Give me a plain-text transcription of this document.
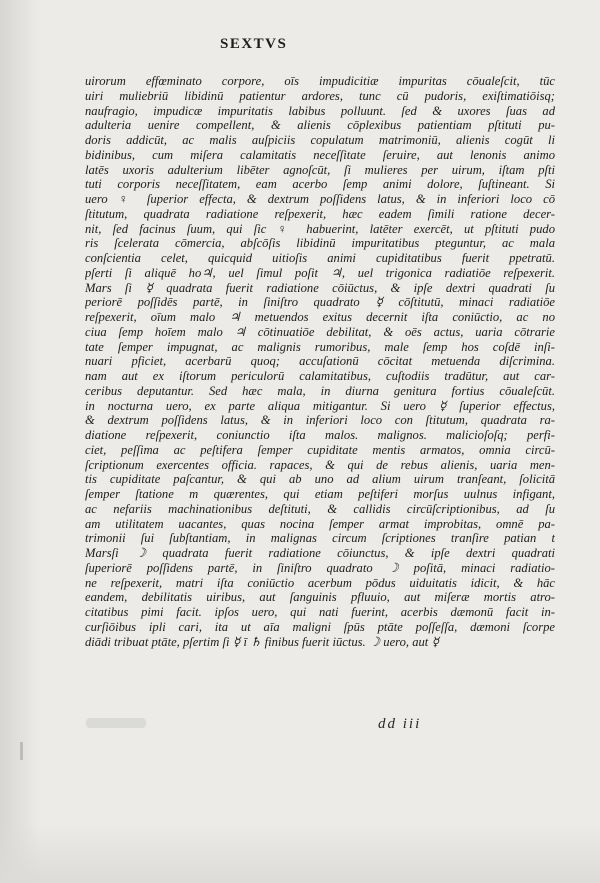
SEXTVS
uirorum effœminato corpore, oīs impudicitiæ impuritas cōualeſcit, tūc
uiri muliebriū libidinū patientur ardores, tunc cū pudoris, exiſtimatiōisq;
naufragio, impudicæ impuritatis labibus polluunt. ſed & uxores ſuas ad
adulteria uenire compellent, & alienis cōplexibus patientiam pſtituti pu-
doris addicūt, ac malis auſpiciis copulatum matrimoniū, alienis cogūt li
bidinibus, cum miſera calamitatis neceſſitate ſeruire, aut lenonis animo
latēs uxoris adulterium libēter agnoſcūt, ſi mulieres per uirum, iſtam pſti
tuti corporis neceſſitatem, eam acerbo ſemp animi dolore, ſuſtineant. Si
uero ♀ ſuperior effecta, & dextrum poſſidens latus, & in inferiori loco cō
ſtitutum, quadrata radiatione reſpexerit, hæc eadem ſimili ratione decer-
nit, ſed facinus ſuum, qui ſic ♀ habuerint, latēter exercēt, ut pſtituti pudo
ris ſcelerata cōmercia, abſcōſis libidinū impuritatibus pteguntur, ac mala
conſcientia celet, quicquid uitioſis animi cupiditatibus fuerit ppetratū.
pſerti ſi aliquē ho♃, uel ſimul poſit ♃, uel trigonica radiatiōe reſpexerit.
Mars ſi ☿ quadrata fuerit radiatione cōiūctus, & ipſe dextri quadrati ſu
periorē poſſidēs partē, in ſiniſtro quadrato ☿ cōſtitutū, minaci radiatiōe
reſpexerit, oīum malo ♃ metuendos exitus decernit iſta coniūctio, ac no
ciua ſemp hoīem malo ♃ cōtinuatiōe debilitat, & oēs actus, uaria cōtrarie
tate ſemper impugnat, ac malignis rumoribus, male ſemp hos coſdē inſi-
nuari pficiet, acerbarū quoq; accuſationū cōcitat metuenda diſcrimina.
nam aut ex iſtorum periculorū calamitatibus, cuſtodiis tradūtur, aut car-
ceribus deputantur. Sed hæc mala, in diurna genitura fortius cōualeſcūt.
in nocturna uero, ex parte aliqua mitigantur. Si uero ☿ ſuperior effectus,
& dextrum poſſidens latus, & in inferiori loco con ſtitutum, quadrata ra-
diatione reſpexerit, coniunctio iſta malos. malignos. malicioſoſq; perfi-
ciet, peſſima ac peſtifera ſemper cupiditate mentis armatos, omnia circū-
ſcriptionum exercentes officia. rapaces, & qui de rebus alienis, uaria men-
tis cupiditate paſcantur, & qui ab uno ad alium uirum tranſeant, ſolicitā
ſemper ſtatione m quærentes, qui etiam peſtiferi morſus uulnus infigant,
ac nefariis machinationibus deſtituti, & callidis circūſcriptionibus, ad ſu
am utilitatem uacantes, quas nocina ſemper armat improbitas, omnē pa-
trimonii ſui ſubſtantiam, in malignas circum ſcriptiones tranſire patian t
Marsſi ☽ quadrata fuerit radiatione cōiunctus, & ipſe dextri quadrati
ſuperiorē poſſidens partē, in ſiniſtro quadrato ☽ poſitā, minaci radiatio-
ne reſpexerit, matri iſta coniūctio acerbum pōdus uiduitatis idicit, & hāc
eandem, debilitatis uiribus, aut ſanguinis pfluuio, aut miſeræ mortis atro-
citatibus pimi facit. ipſos uero, qui nati fuerint, acerbis dæmonū facit in-
curſiōibus ipli cari, ita ut aīa maligni ſpūs ptāte poſſeſſa, dæmoni ſcorpe
diādi tribuat ptāte, pſertim ſi ☿ ī ♄ finibus fuerit iūctus. ☽ uero, aut ☿
dd iii
